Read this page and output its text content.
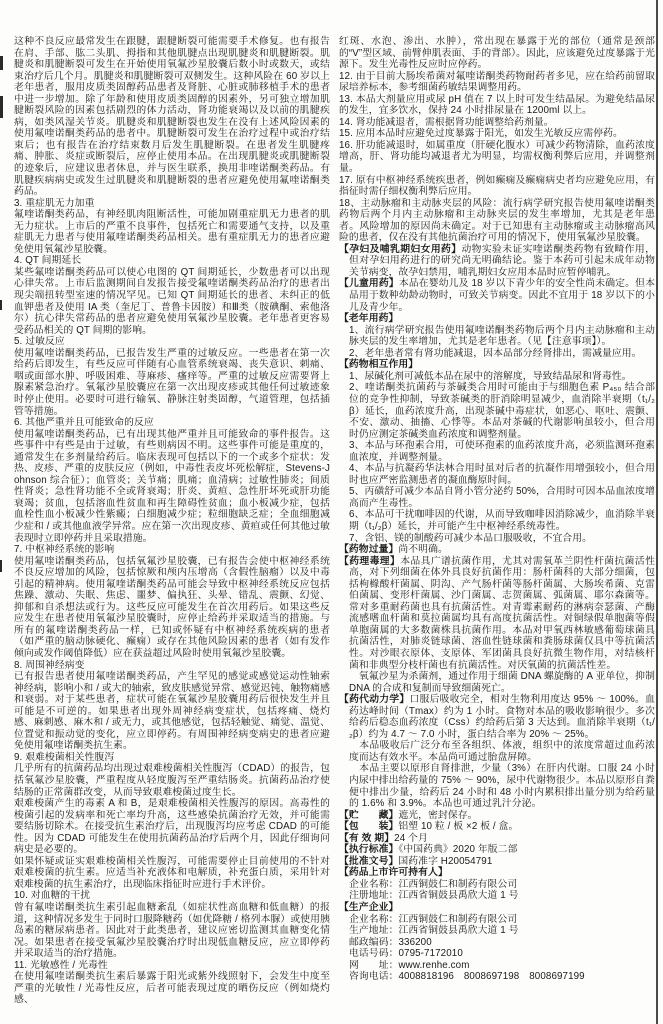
这种不良反应最常发生在跟腱，跟腱断裂可能需要手术修复。也有报告在肩、手部、肱二头肌、拇指和其他肌腱点出现肌腱炎和肌腱断裂。肌腱炎和肌腱断裂可发生在开始使用氧氟沙星胶囊后数小时或数天，或结束治疗后几个月。肌腱炎和肌腱断裂可双侧发生。这种风险在 60 岁以上老年患者，服用皮质类固醇药品患者及肾脏、心脏或肺移植手术的患者中进一步增加。除了年龄和使用皮质类固醇的因素外，另可独立增加肌腱断裂风险的因素包括剧烈的体力活动，肾功能衰竭以及以前的肌腱疾病，如类风湿关节炎。肌腱炎和肌腱断裂也发生在没有上述风险因素的使用氟喹诺酮类药品的患者中。肌腱断裂可发生在治疗过程中或治疗结束后；也有报告在治疗结束数月后发生肌腱断裂。在患者发生肌腱疼痛、肿胀、炎症或断裂后，应停止使用本品。在出现肌腱炎或肌腱断裂的迹象后，应建议患者休息，并与医生联系，换用非喹诺酮类药品。有肌腱疾病病史或发生过肌腱炎和肌腱断裂的患者应避免使用氟喹诺酮类药品。

3. 重症肌无力加重

氟喹诺酮类药品，有神经肌肉阻断活性，可能加剧重症肌无力患者的肌无力症状。上市后的严重不良事件，包括死亡和需要通气支持，以及重症肌无力患者与使用氟喹诺酮类药品相关。患有重症肌无力的患者应避免使用氧氟沙星胶囊。

4. QT 间期延长

某些氟喹诺酮类药品可以使心电图的 QT 间期延长，少数患者可以出现心律失常。上市后监测期间自发报告接受氟喹诺酮类药品治疗的患者出现尖端扭转型室速的情况罕见。已知 QT 间期延长的患者、未纠正的低血钾患者及使用 IA 类（奎尼丁、普鲁卡因胺）和Ⅲ类（胺碘酮、索他洛尔）抗心律失常药品的患者应避免使用氧氟沙星胶囊。老年患者更容易受药品相关的 QT 间期的影响。

5. 过敏反应

使用氟喹诺酮类药品，已报告发生严重的过敏反应。一些患者在第一次给药后即发生，有些反应可伴随有心血管系统衰竭、丧失意识、刺痛、咽或面部水肿、呼吸困难、荨麻疹、瘙痒等。严重的过敏反应需要肾上腺素紧急治疗。氧氟沙星胶囊应在第一次出现皮疹或其他任何过敏迹象时停止使用。必要时可进行输氧、静脉注射类固醇，气道管理，包括插管等措施。

6. 其他严重并且可能致命的反应

使用氟喹诺酮类药品，已有出现其他严重并且可能致命的事件报告。这些事件中有些是由于过敏，有些则病因不明。这些事件可能是重度的，通常发生在多剂量给药后。临床表现可包括以下的一个或多个症状：发热、皮疹、严重的皮肤反应（例如，中毒性表皮坏死松解症，Stevens-Johnson 综合征）；血管炎；关节痛；肌痛；血清病；过敏性肺炎；间质性肾炎；急性肾功能不全或肾衰竭；肝炎、黄疸、急性肝坏死或肝功能衰竭；贫血，包括溶血性贫血和再生障碍性贫血；血小板减少症，包括血栓性血小板减少性紫癜；白细胞减少症；粒细胞缺乏症；全血细胞减少症和 / 或其他血液学异常。应在第一次出现皮疹、黄疸或任何其他过敏表现时立即停药并且采取措施。

7. 中枢神经系统的影响

使用氟喹诺酮类药品，包括氧氟沙星胶囊，已有报告会使中枢神经系统不良反应增加的风险，包括惊厥和颅内压增高（含假性脑瘤）以及中毒引起的精神病。使用氟喹诺酮类药品可能会导致中枢神经系统反应包括焦躁、激动、失眠、焦虑、噩梦、偏执狂、头晕、错乱、震颤、幻觉、抑郁和自杀想法或行为。这些反应可能发生在首次用药后。如果这些反应发生在患者使用氧氟沙星胶囊时，应停止给药并采取适当的措施。与所有的氟喹诺酮类药品一样，已知或怀疑有中枢神经系统疾病的患者（如严重的脑动脉硬化、癫痫）或存在其他风险因素的患者（如有发作倾向或发作阈值降低）应在获益超过风险时使用氧氟沙星胶囊。

8. 周围神经病变

已有报告患者使用氟喹诺酮类药品，产生罕见的感觉或感觉运动性轴索神经病，影响小和 / 或大的轴索，致皮肤感觉异常、感觉迟钝、触物痛感和衰弱。对于某些患者，症状可能在氧氟沙星胶囊用药后很快发生并且可能是不可逆的。如果患者出现外周神经病变症状，包括疼痛、烧灼感、麻刺感、麻木和 / 或无力，或其他感觉，包括轻触觉、痛觉、温觉、位置觉和振动觉的变化，应立即停药。有周围神经病变病史的患者应避免使用氟喹诺酮类抗生素。

9. 艰难梭菌相关性腹泻

几乎所有的抗菌药品均出现过艰难梭菌相关性腹泻（CDAD）的报告，包括氧氟沙星胶囊，严重程度从轻度腹泻至严重结肠炎。抗菌药品治疗使结肠的正常菌群改变，从而导致艰难梭菌过度生长。

艰难梭菌产生的毒素 A 和 B，是艰难梭菌相关性腹泻的原因。高毒性的梭菌引起的发病率和死亡率均升高，这些感染抗菌治疗无效，并可能需要结肠切除术。在接受抗生素治疗后，出现腹泻均应考虑 CDAD 的可能性。因为 CDAD 可能发生在使用抗菌药品治疗后两个月，因此仔细询问病史是必要的。

如果怀疑或证实艰难梭菌相关性腹泻，可能需要停止目前使用的不针对艰难梭菌的抗生素。应适当补充液体和电解质，补充蛋白质，采用针对艰难梭菌的抗生素治疗，出现临床指征时应进行手术评价。

10. 对血糖的干扰

曾有氟喹诺酮类抗生素引起血糖紊乱（如症状性高血糖和低血糖）的报道，这种情况多发生于同时口服降糖药（如优降糖 / 格列本脲）或使用胰岛素的糖尿病患者。因此对于此类患者，建议应密切监测其血糖变化情况。如果患者在接受氧氟沙星胶囊治疗时出现低血糖反应，应立即停药并采取适当的治疗措施。

11. 光敏感性 / 光毒性

在使用氟喹诺酮类抗生素后暴露于阳光或紫外线照射下，会发生中度至严重的光敏性 / 光毒性反应，后者可能表现过度的晒伤反应（例如烧灼感、

红斑、水泡、渗出、水肿），常出现在暴露于光的部位（通常是颈部的“V”型区域、前臂伸肌表面、手的背部）。因此，应该避免过度暴露于光源下。发生光毒性反应时应停药。

12. 由于目前大肠埃希菌对氟喹诺酮类药物耐药者多见，应在给药前留取尿培养标本，参考细菌药敏结果调整用药。

13. 本品大剂量应用或尿 pH 值在 7 以上时可发生结晶尿。为避免结晶尿的发生，宜多饮水，保持 24 小时排尿量在 1200ml 以上。

14. 肾功能减退者，需根据肾功能调整给药剂量。

15. 应用本品时应避免过度暴露于阳光，如发生光敏反应需停药。

16. 肝功能减退时，如属重度（肝硬化腹水）可减少药物清除，血药浓度增高，肝、肾功能均减退者尤为明显，均需权衡利弊后应用，并调整剂量。

17. 原有中枢神经系统疾患者，例如癫痫及癫痫病史者均应避免应用，有指征时需仔细权衡利弊后应用。

18、主动脉瘤和主动脉夹层的风险：流行病学研究报告使用氟喹诺酮类药物后两个月内主动脉瘤和主动脉夹层的发生率增加，尤其是老年患者。风险增加的原因尚未确定。对于已知患有主动脉瘤或主动脉瘤高风险的患者，仅在没有其他抗菌治疗可用的情况下，使用氧氟沙星胶囊。

【孕妇及哺乳期妇女用药】动物实验未证实喹诺酮类药物有致畸作用，但对孕妇用药进行的研究尚无明确结论。鉴于本药可引起未成年动物关节病变，故孕妇禁用，哺乳期妇女应用本品时应暂停哺乳。

【儿童用药】本品在婴幼儿及 18 岁以下青少年的安全性尚未确定。但本品用于数种幼龄动物时，可致关节病变。因此不宜用于 18 岁以下的小儿及青少年。

【老年用药】

1、流行病学研究报告使用氟喹诺酮类药物后两个月内主动脉瘤和主动脉夹层的发生率增加，尤其是老年患者。（见【注意事项】）。

2、老年患者常有肾功能减退，因本品部分经肾排出，需减量应用。

【药物相互作用】

1、尿碱化剂可减低本品在尿中的溶解度，导致结晶尿和肾毒性。

2、喹诺酮类抗菌药与茶碱类合用时可能由于与细胞色素 P₄₅₀ 结合部位的竞争性抑制，导致茶碱类的肝消除明显减少，血消除半衰期（t₁/₂β）延长，血药浓度升高，出现茶碱中毒症状，如恶心、呕吐、震颤、不安、激动、抽搐、心悸等。本品对茶碱的代谢影响虽较小，但合用时仍应测定茶碱类血药浓度和调整剂量。

3、本品与环孢素合用，可使环孢素的血药浓度升高，必须监测环孢素血浓度，并调整剂量。

4、本品与抗凝药华法林合用时虽对后者的抗凝作用增强较小，但合用时也应严密监测患者的凝血酶原时间。

5、丙磺舒可减少本品自肾小管分泌约 50%，合用时可因本品血浓度增高而产生毒性。

6、本品可干扰咖啡因的代谢，从而导致咖啡因消除减少，血消除半衰期（t₁/₂β）延长，并可能产生中枢神经系统毒性。

7、含铝、镁的制酸药可减少本品口服吸收，不宜合用。

【药物过量】尚不明确。

【药理毒理】本品具广谱抗菌作用，尤其对需氧革兰阴性杆菌抗菌活性高，对下列细菌在体外具良好抗菌作用：肠杆菌科的大部分细菌，包括枸橼酸杆菌属、阴沟、产气肠杆菌等肠杆菌属、大肠埃希菌、克雷伯菌属、变形杆菌属、沙门菌属、志贺菌属、弧菌属、耶尔森菌等。常对多重耐药菌也具有抗菌活性。对青霉素耐药的淋病奈瑟菌、产酶流感嗜血杆菌和莫拉菌属均具有高度抗菌活性。对铜绿假单胞菌等假单胞菌属的大多数菌株具抗菌作用。本品对甲氧西林敏感葡萄球菌具抗菌活性，对肺炎链球菌、溶血性链球菌和粪肠球菌仅具中等抗菌活性。对沙眼衣原体、支原体、军团菌具良好抗微生物作用，对结核杆菌和非典型分枝杆菌也有抗菌活性。对厌氧菌的抗菌活性差。

　氧氟沙星为杀菌剂，通过作用于细菌 DNA 螺旋酶的 A 亚单位，抑制 DNA 的合成和复制而导致细菌死亡。

【药代动力学】口服后吸收完全，相对生物利用度达 95% ～ 100%。血药达峰时间（Tmax）约为 1 小时。食物对本品的吸收影响很少。多次给药后稳态血药浓度（Css）约给药后第 3 天达到。血消除半衰期（t₁/₂β）约为 4.7 ～ 7.0 小时，蛋白结合率为 20% ～ 25%。

　本品吸收后广泛分布至各组织、体液，组织中的浓度常超过血药浓度而达有效水平。本品尚可通过胎盘屏障。

　本品主要以原形自肾排泄，少量（3%）在肝内代谢。口服 24 小时内尿中排出给药量的 75% ～ 90%，尿中代谢物很少。本品以原形自粪便中排出少量，给药后 24 小时和 48 小时内累积排出量分别为给药量的 1.6% 和 3.9%。本品也可通过乳汁分泌。

【贮　　藏】遮光，密封保存。

【包　　装】铝塑 10 粒 / 板 ×2 板 / 盒。

【有 效 期】24 个月

【执行标准】《中国药典》2020 年版二部

【批准文号】国药准字 H20054791

【药品上市许可持有人】

企业名称：江西铜鼓仁和制药有限公司

注册地址：江西省铜鼓县禹欣大道 1 号

【生产企业】

企业名称：江西铜鼓仁和制药有限公司

生产地址：江西省铜鼓县禹欣大道 1 号

邮政编码：336200

电话号码：0795-7172010

网　　址：www.renhe.com

咨询电话：4008818196　8008697198　8008697199
